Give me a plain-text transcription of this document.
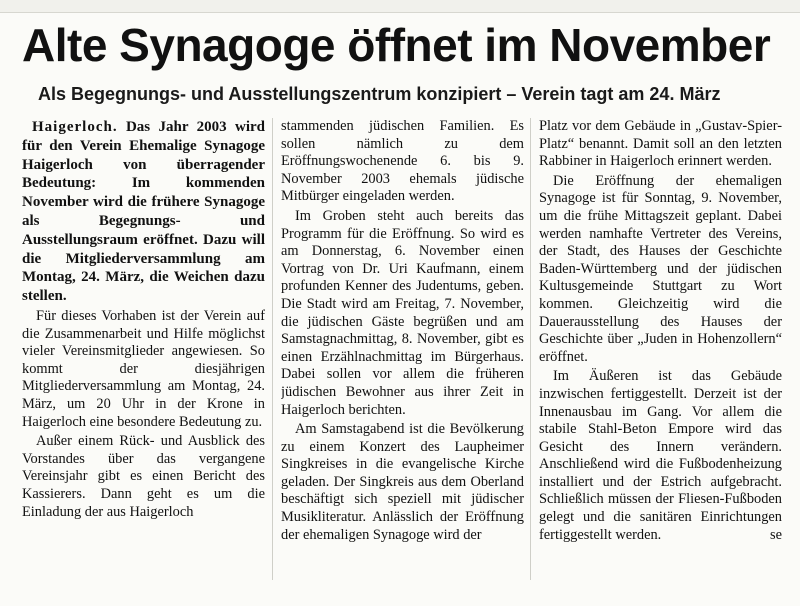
Alte Synagoge öffnet im November
Als Begegnungs- und Ausstellungszentrum konzipiert – Verein tagt am 24. März

Haigerloch. Das Jahr 2003 wird für den Verein Ehemalige Synagoge Haigerloch von überragender Bedeutung: Im kommenden November wird die frühere Synagoge als Begegnungs- und Ausstellungsraum eröffnet. Dazu will die Mitgliederversammlung am Montag, 24. März, die Weichen dazu stellen.

Für dieses Vorhaben ist der Verein auf die Zusammenarbeit und Hilfe möglichst vieler Vereinsmitglieder angewiesen. So kommt der diesjährigen Mitgliederversammlung am Montag, 24. März, um 20 Uhr in der Krone in Haigerloch eine besondere Bedeutung zu.

Außer einem Rück- und Ausblick des Vorstandes über das vergangene Vereinsjahr gibt es einen Bericht des Kassierers. Dann geht es um die Einladung der aus Haigerloch

stammenden jüdischen Familien. Es sollen nämlich zu dem Eröffnungswochenende 6. bis 9. November 2003 ehemals jüdische Mitbürger eingeladen werden.

Im Groben steht auch bereits das Programm für die Eröffnung. So wird es am Donnerstag, 6. November einen Vortrag von Dr. Uri Kaufmann, einem profunden Kenner des Judentums, geben. Die Stadt wird am Freitag, 7. November, die jüdischen Gäste begrüßen und am Samstagnachmittag, 8. November, gibt es einen Erzählnachmittag im Bürgerhaus. Dabei sollen vor allem die früheren jüdischen Bewohner aus ihrer Zeit in Haigerloch berichten.

Am Samstagabend ist die Bevölkerung zu einem Konzert des Laupheimer Singkreises in die evangelische Kirche geladen. Der Singkreis aus dem Oberland beschäftigt sich speziell mit jüdischer Musikliteratur. Anlässlich der Eröffnung der ehemaligen Synagoge wird der

Platz vor dem Gebäude in „Gustav-Spier-Platz“ benannt. Damit soll an den letzten Rabbiner in Haigerloch erinnert werden.

Die Eröffnung der ehemaligen Synagoge ist für Sonntag, 9. November, um die frühe Mittagszeit geplant. Dabei werden namhafte Vertreter des Vereins, der Stadt, des Hauses der Geschichte Baden-Württemberg und der jüdischen Kultusgemeinde Stuttgart zu Wort kommen. Gleichzeitig wird die Dauerausstellung des Hauses der Geschichte über „Juden in Hohenzollern“ eröffnet.

Im Äußeren ist das Gebäude inzwischen fertiggestellt. Derzeit ist der Innenausbau im Gang. Vor allem die stabile Stahl-Beton Empore wird das Gesicht des Innern verändern. Anschließend wird die Fußbodenheizung installiert und der Estrich aufgebracht. Schließlich müssen der Fliesen-Fußboden gelegt und die sanitären Einrichtungen fertiggestellt werden.	se
